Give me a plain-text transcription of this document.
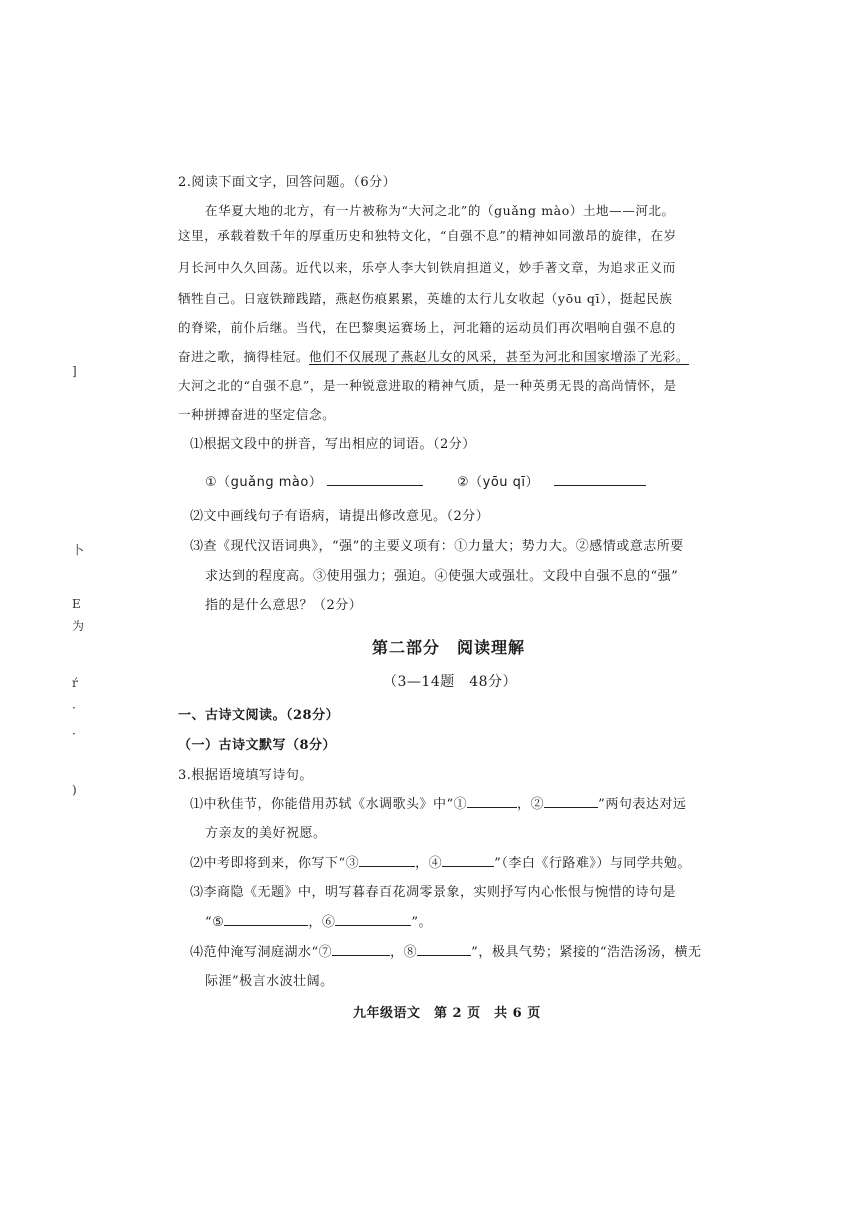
2.阅读下面文字，回答问题。（6分）
在华夏大地的北方，有一片被称为“大河之北”的（guǎng mào）土地——河北。
这里，承载着数千年的厚重历史和独特文化，“自强不息”的精神如同激昂的旋律，在岁
月长河中久久回荡。近代以来，乐亭人李大钊铁肩担道义，妙手著文章，为追求正义而
牺牲自己。日寇铁蹄践踏，燕赵伤痕累累，英雄的太行儿女收起（yōu qī），挺起民族
的脊梁，前仆后继。当代，在巴黎奥运赛场上，河北籍的运动员们再次唱响自强不息的
奋进之歌，摘得桂冠。他们不仅展现了燕赵儿女的风采，甚至为河北和国家增添了光彩。
大河之北的“自强不息”，是一种锐意进取的精神气质，是一种英勇无畏的高尚情怀，是
一种拼搏奋进的坚定信念。
⑴根据文段中的拼音，写出相应的词语。（2分）
①（guǎng mào）	②（yōu qī）
⑵文中画线句子有语病，请提出修改意见。（2分）
⑶查《现代汉语词典》，“强”的主要义项有：①力量大；势力大。②感情或意志所要
求达到的程度高。③使用强力；强迫。④使强大或强壮。文段中自强不息的“强”
指的是什么意思？（2分）
第二部分　阅读理解
（3—14题　48分）
一、古诗文阅读。（28分）
（一）古诗文默写（8分）
3.根据语境填写诗句。
⑴中秋佳节，你能借用苏轼《水调歌头》中“①	，②	”两句表达对远
方亲友的美好祝愿。
⑵中考即将到来，你写下“③	，④	”（李白《行路难》）与同学共勉。
⑶李商隐《无题》中，明写暮春百花凋零景象，实则抒写内心怅恨与惋惜的诗句是
“⑤	，⑥	”。
⑷范仲淹写洞庭湖水“⑦	，⑧	”，极具气势；紧接的“浩浩汤汤，横无
际涯”极言水波壮阔。
九年级语文　第 2 页　共 6 页
]
卜
E
为
ŕ
·
·
)
